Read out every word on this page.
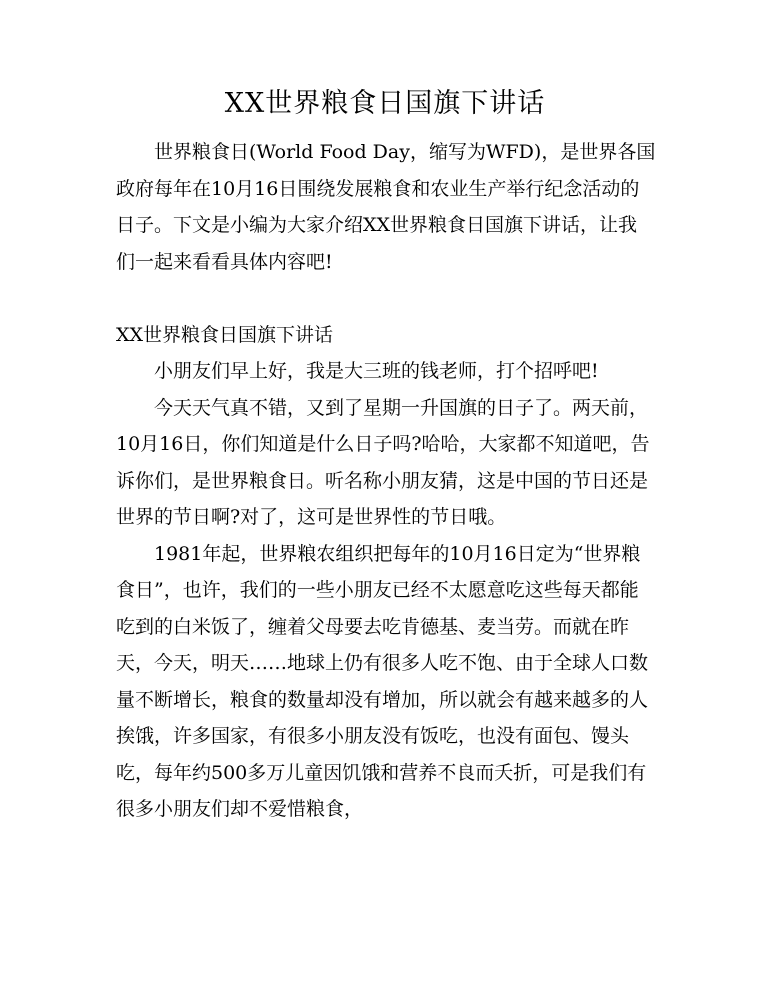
XX世界粮食日国旗下讲话

世界粮食日(World Food Day，缩写为WFD)，是世界各国政府每年在10月16日围绕发展粮食和农业生产举行纪念活动的日子。下文是小编为大家介绍XX世界粮食日国旗下讲话，让我们一起来看看具体内容吧!

XX世界粮食日国旗下讲话

小朋友们早上好，我是大三班的钱老师，打个招呼吧!

今天天气真不错，又到了星期一升国旗的日子了。两天前，10月16日，你们知道是什么日子吗?哈哈，大家都不知道吧，告诉你们，是世界粮食日。听名称小朋友猜，这是中国的节日还是世界的节日啊?对了，这可是世界性的节日哦。

1981年起，世界粮农组织把每年的10月16日定为“世界粮食日”，也许，我们的一些小朋友已经不太愿意吃这些每天都能吃到的白米饭了，缠着父母要去吃肯德基、麦当劳。而就在昨天，今天，明天……地球上仍有很多人吃不饱、由于全球人口数量不断增长，粮食的数量却没有增加，所以就会有越来越多的人挨饿，许多国家，有很多小朋友没有饭吃，也没有面包、馒头吃，每年约500多万儿童因饥饿和营养不良而夭折，可是我们有很多小朋友们却不爱惜粮食，
